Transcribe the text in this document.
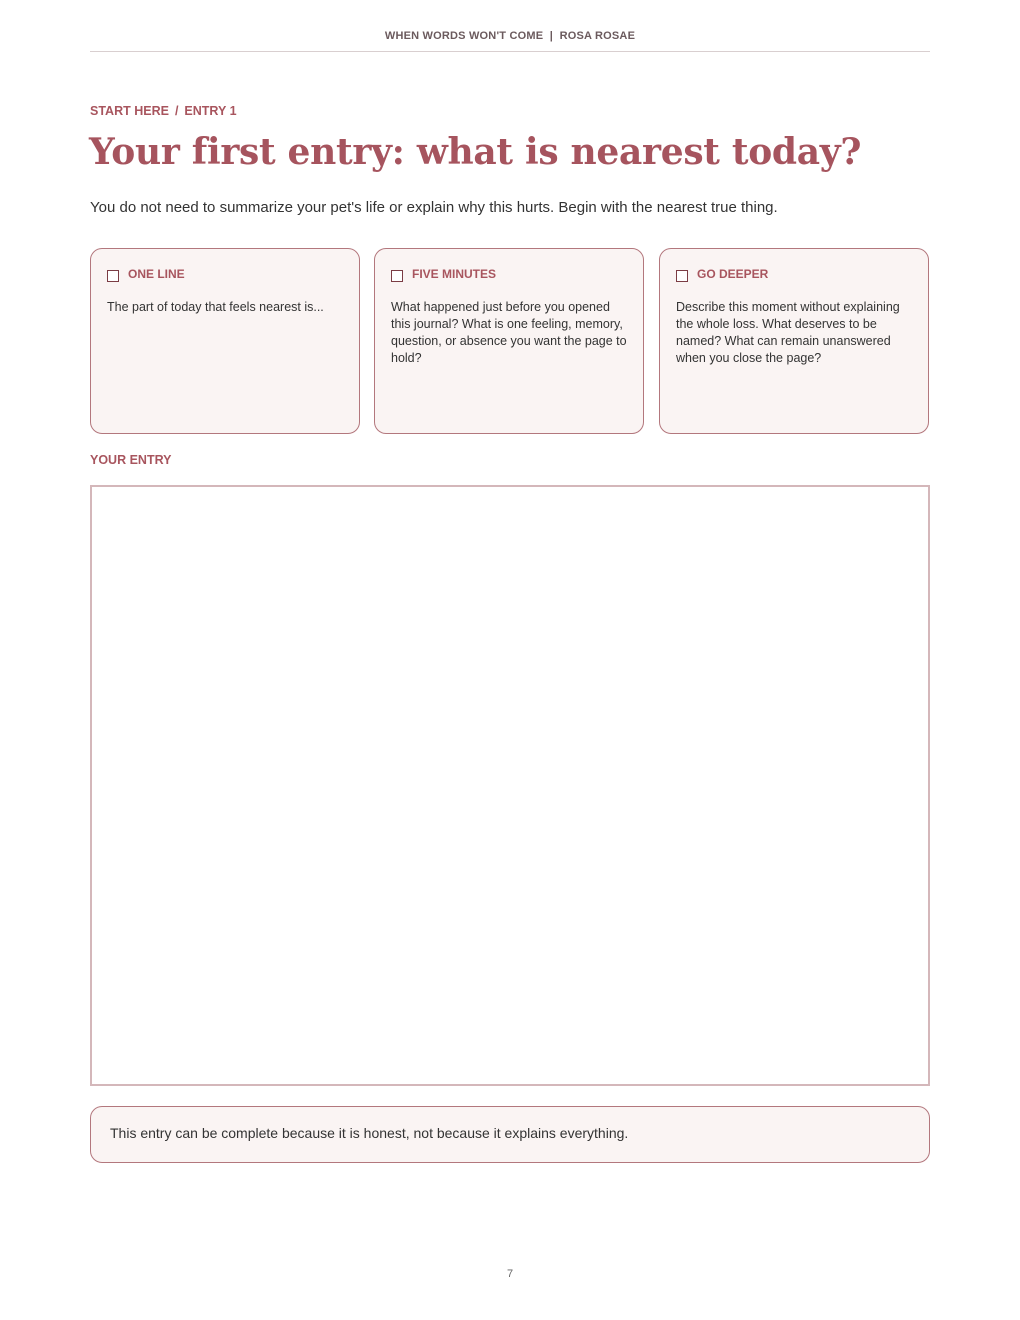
WHEN WORDS WON'T COME | ROSA ROSAE
START HERE / ENTRY 1
Your first entry: what is nearest today?
You do not need to summarize your pet's life or explain why this hurts. Begin with the nearest true thing.
ONE LINE
The part of today that feels nearest is...
FIVE MINUTES
What happened just before you opened this journal? What is one feeling, memory, question, or absence you want the page to hold?
GO DEEPER
Describe this moment without explaining the whole loss. What deserves to be named? What can remain unanswered when you close the page?
YOUR ENTRY
This entry can be complete because it is honest, not because it explains everything.
7
